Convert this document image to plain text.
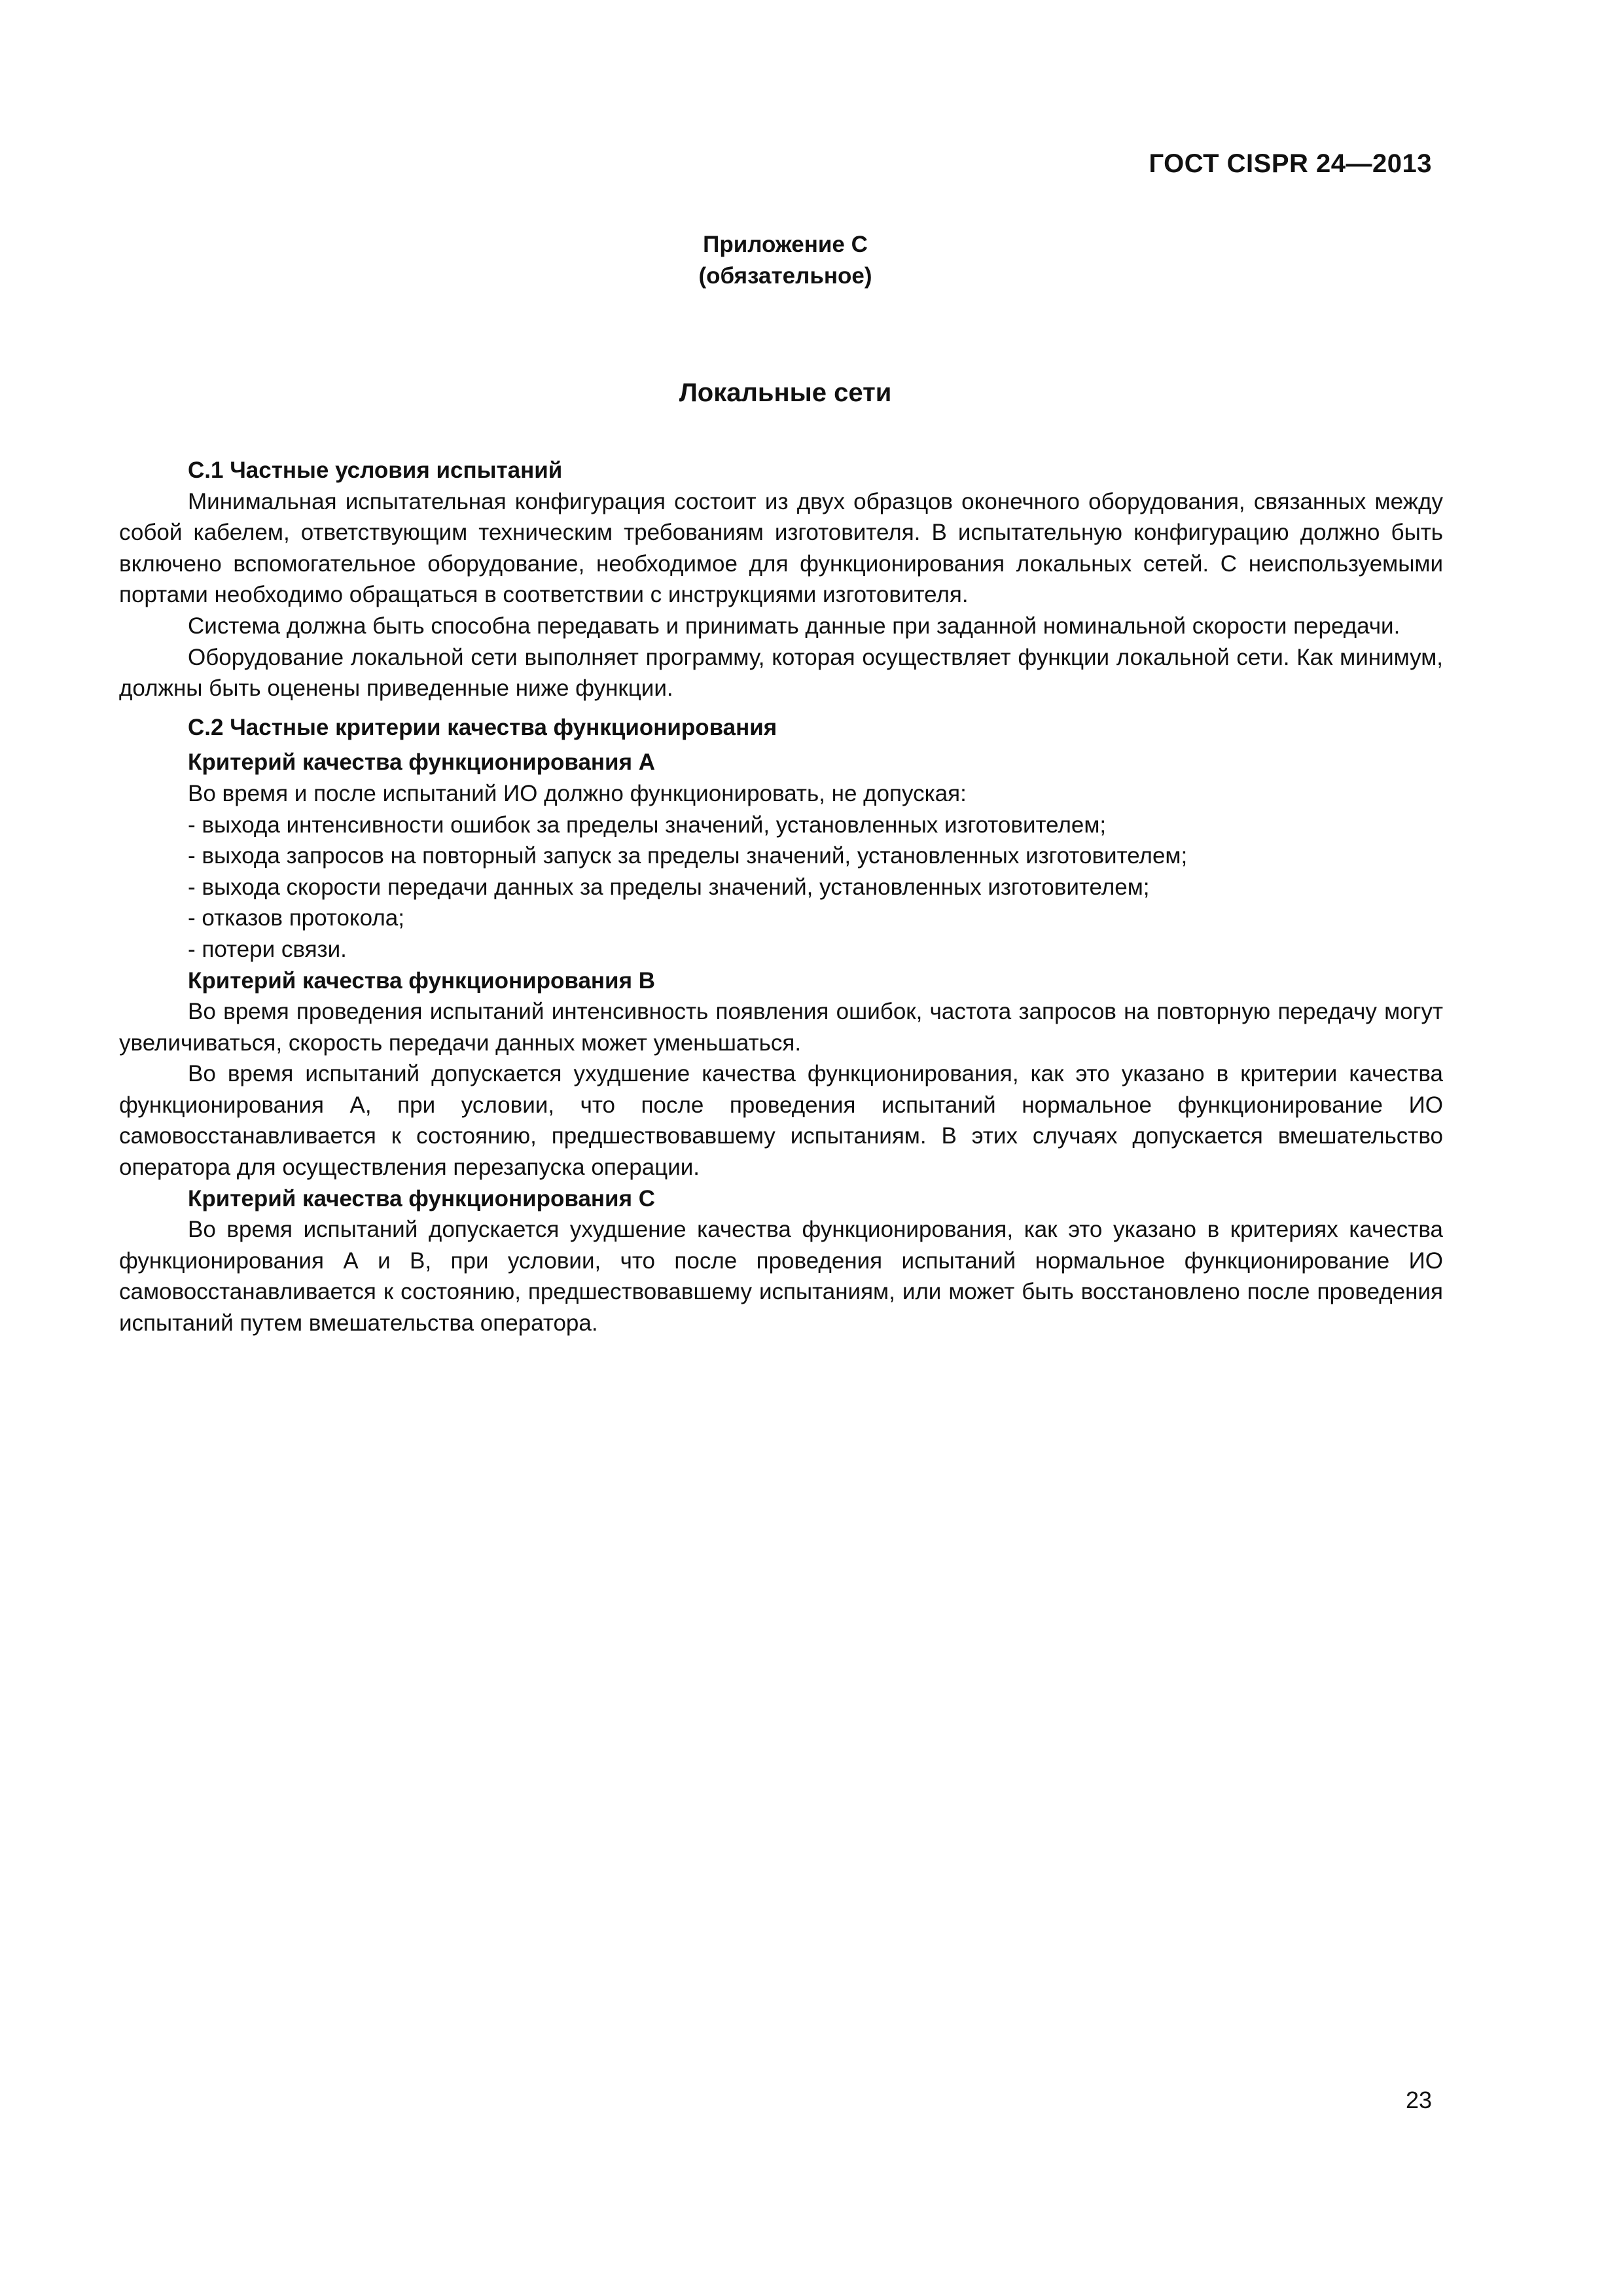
ГОСТ CISPR 24—2013
Приложение С
(обязательное)
Локальные сети
С.1 Частные условия испытаний

Минимальная испытательная конфигурация состоит из двух образцов оконечного оборудования, связанных между собой кабелем, ответствующим техническим требованиям изготовителя. В испытательную конфигурацию должно быть включено вспомогательное оборудование, необходимое для функционирования локальных сетей. С неиспользуемыми портами необходимо обращаться в соответствии с инструкциями изготовителя.

Система должна быть способна передавать и принимать данные при заданной номинальной скорости передачи.

Оборудование локальной сети выполняет программу, которая осуществляет функции локальной сети. Как минимум, должны быть оценены приведенные ниже функции.

С.2 Частные критерии качества функционирования
Критерий качества функционирования А

Во время и после испытаний ИО должно функционировать, не допуская:

- выхода интенсивности ошибок за пределы значений, установленных изготовителем;
- выхода запросов на повторный запуск за пределы значений, установленных изготовителем;
- выхода скорости передачи данных за пределы значений, установленных изготовителем;
- отказов протокола;
- потери связи.
Критерий качества функционирования В

Во время проведения испытаний интенсивность появления ошибок, частота запросов на повторную передачу могут увеличиваться, скорость передачи данных может уменьшаться.

Во время испытаний допускается ухудшение качества функционирования, как это указано в критерии качества функционирования А, при условии, что после проведения испытаний нормальное функционирование ИО самовосстанавливается к состоянию, предшествовавшему испытаниям. В этих случаях допускается вмешательство оператора для осуществления перезапуска операции.

Критерий качества функционирования С

Во время испытаний допускается ухудшение качества функционирования, как это указано в критериях качества функционирования А и В, при условии, что после проведения испытаний нормальное функционирование ИО самовосстанавливается к состоянию, предшествовавшему испытаниям, или может быть восстановлено после проведения испытаний путем вмешательства оператора.

23
